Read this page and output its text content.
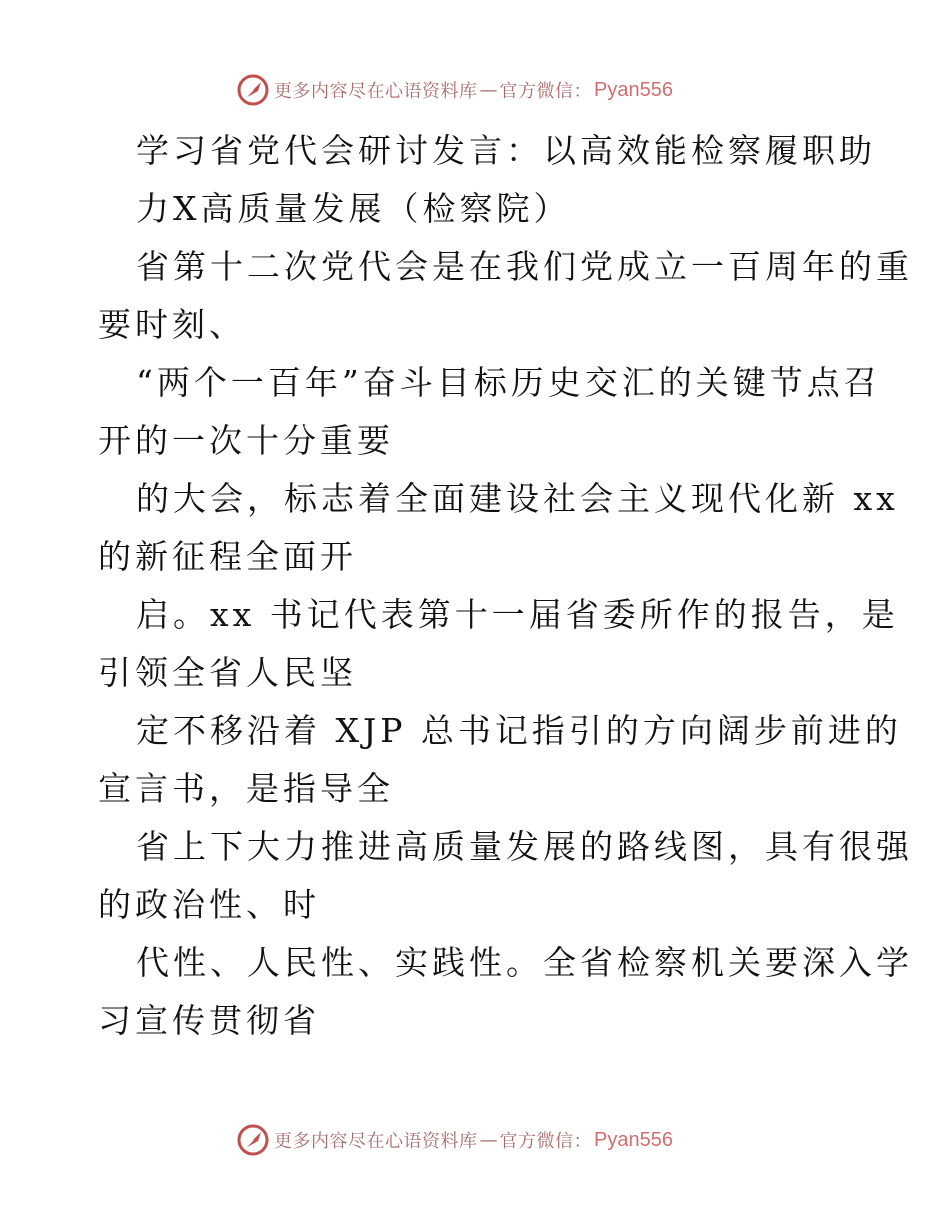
更多内容尽在心语资料库 — 官方微信： Pyan556
学习省党代会研讨发言：以高效能检察履职助
力X高质量发展（检察院）
省第十二次党代会是在我们党成立一百周年的重
要时刻、
“两个一百年”奋斗目标历史交汇的关键节点召
开的一次十分重要
的大会，标志着全面建设社会主义现代化新 xx
的新征程全面开
启。xx 书记代表第十一届省委所作的报告，是
引领全省人民坚
定不移沿着 XJP 总书记指引的方向阔步前进的
宣言书，是指导全
省上下大力推进高质量发展的路线图，具有很强
的政治性、时
代性、人民性、实践性。全省检察机关要深入学
习宣传贯彻省
更多内容尽在心语资料库 — 官方微信： Pyan556
